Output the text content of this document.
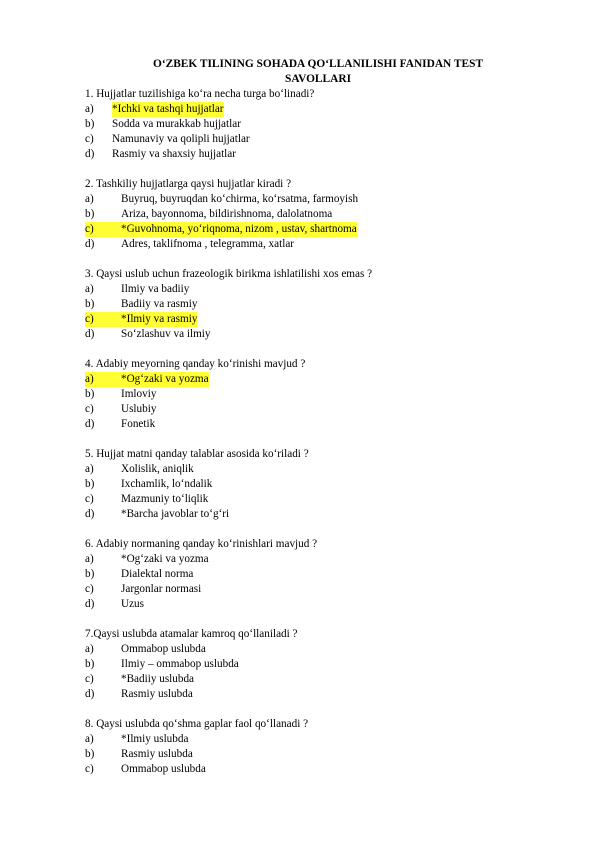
O‘ZBEK TILINING SOHADA QO‘LLANILISHI FANIDAN TEST
SAVOLLARI
1. Hujjatlar tuzilishiga ko‘ra necha turga bo‘linadi?
a) *Ichki va tashqi hujjatlar
b) Sodda va murakkab hujjatlar
c) Namunaviy va qolipli hujjatlar
d) Rasmiy va shaxsiy hujjatlar
2. Tashkiliy hujjatlarga qaysi hujjatlar kiradi ?
a) Buyruq, buyruqdan ko‘chirma, ko‘rsatma, farmoyish
b) Ariza, bayonnoma, bildirishnoma, dalolatnoma
c) *Guvohnoma, yo‘riqnoma, nizom , ustav, shartnoma
d) Adres, taklifnoma , telegramma, xatlar
3. Qaysi uslub uchun frazeologik birikma ishlatilishi xos emas ?
a) Ilmiy va badiiy
b) Badiiy va rasmiy
c) *Ilmiy va rasmiy
d) So‘zlashuv va ilmiy
4. Adabiy meyorning qanday ko‘rinishi mavjud ?
a) *Og‘zaki va yozma
b) Imloviy
c) Uslubiy
d) Fonetik
5. Hujjat matni qanday talablar asosida ko‘riladi ?
a) Xolislik, aniqlik
b) Ixchamlik, lo‘ndalik
c) Mazmuniy to‘liqlik
d) *Barcha javoblar to‘g‘ri
6. Adabiy normaning qanday ko‘rinishlari mavjud ?
a) *Og‘zaki va yozma
b) Dialektal norma
c) Jargonlar normasi
d) Uzus
7.Qaysi uslubda atamalar kamroq qo‘llaniladi ?
a) Ommabop uslubda
b) Ilmiy – ommabop uslubda
c) *Badiiy uslubda
d) Rasmiy uslubda
8. Qaysi uslubda qo‘shma gaplar faol qo‘llanadi ?
a) *Ilmiy uslubda
b) Rasmiy uslubda
c) Ommabop uslubda
